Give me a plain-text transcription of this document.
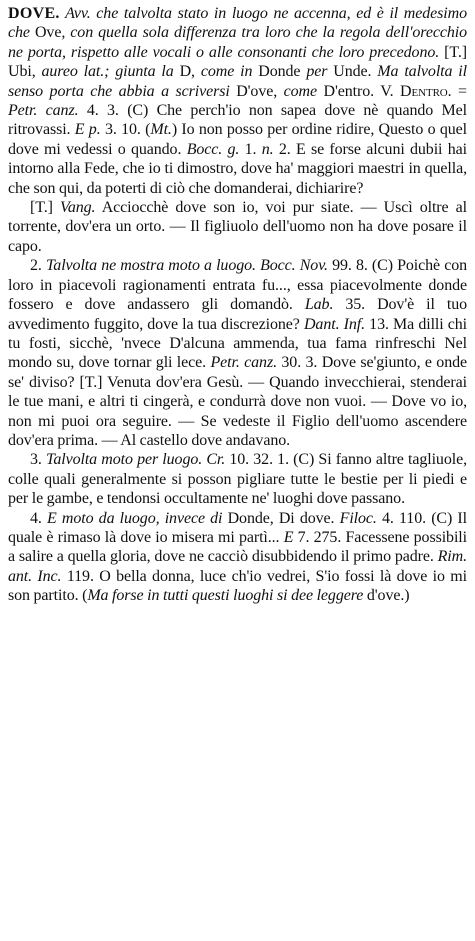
DOVE. Avv. che talvolta stato in luogo ne accenna, ed è il medesimo che Ove, con quella sola differenza tra loro che la regola dell'orecchio ne porta, rispetto alle vocali o alle consonanti che loro precedono. [T.] Ubi, aureo lat.; giunta la D, come in Donde per Unde. Ma talvolta il senso porta che abbia a scriversi D'ove, come D'entro. V. Dentro. = Petr. canz. 4. 3. (C) Che perch'io non sapea dove nè quando Mel ritrovassi. E p. 3. 10. (Mt.) Io non posso per ordine ridire, Questo o quel dove mi vedessi o quando. Bocc. g. 1. n. 2. E se forse alcuni dubii hai intorno alla Fede, che io ti dimostro, dove ha' maggiori maestri in quella, che son qui, da poterti di ciò che domanderai, dichiarire?

[T.] Vang. Acciocchè dove son io, voi pur siate. — Uscì oltre al torrente, dov'era un orto. — Il figliuolo dell'uomo non ha dove posare il capo.

2. Talvolta ne mostra moto a luogo. Bocc. Nov. 99. 8. (C) Poichè con loro in piacevoli ragionamenti entrata fu..., essa piacevolmente donde fossero e dove andassero gli domandò. Lab. 35. Dov'è il tuo avvedimento fuggito, dove la tua discrezione? Dant. Inf. 13. Ma dilli chi tu fosti, sicchè, 'nvece D'alcuna ammenda, tua fama rinfreschi Nel mondo su, dove tornar gli lece. Petr. canz. 30. 3. Dove se'giunto, e onde se' diviso? [T.] Venuta dov'era Gesù. — Quando invecchierai, stenderai le tue mani, e altri ti cingerà, e condurrà dove non vuoi. — Dove vo io, non mi puoi ora seguire. — Se vedeste il Figlio dell'uomo ascendere dov'era prima. — Al castello dove andavano.

3. Talvolta moto per luogo. Cr. 10. 32. 1. (C) Si fanno altre tagliuole, colle quali generalmente si posson pigliare tutte le bestie per li piedi e per le gambe, e tendonsi occultamente ne' luoghi dove passano.

4. E moto da luogo, invece di Donde, Di dove. Filoc. 4. 110. (C) Il quale è rimaso là dove io misera mi partì... E 7. 275. Facessene possibili a salire a quella gloria, dove ne cacciò disubbidendo il primo padre. Rim. ant. Inc. 119. O bella donna, luce ch'io vedrei, S'io fossi là dove io mi son partito. (Ma forse in tutti questi luoghi si dee leggere d'ove.)
